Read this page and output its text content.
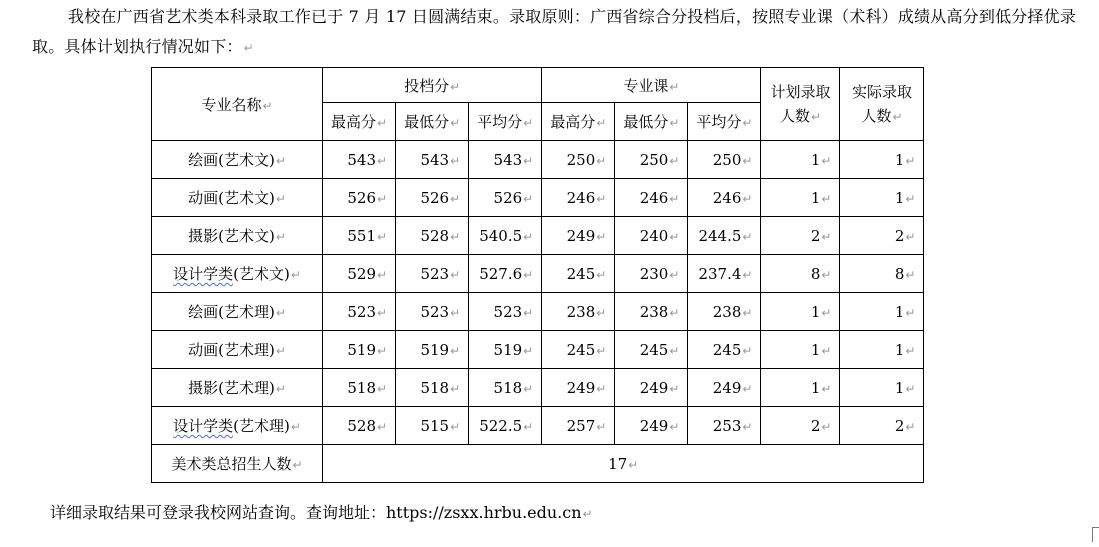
我校在广西省艺术类本科录取工作已于 7 月 17 日圆满结束。录取原则：广西省综合分投档后，按照专业课（术科）成绩从高分到低分择优录取。具体计划执行情况如下：↵

专业名称↵	投档分↵			专业课↵			计划录取人数↵	实际录取人数↵
	最高分↵	最低分↵	平均分↵	最高分↵	最低分↵	平均分↵		
绘画(艺术文)↵	543↵	543↵	543↵	250↵	250↵	250↵	1↵	1↵
动画(艺术文)↵	526↵	526↵	526↵	246↵	246↵	246↵	1↵	1↵
摄影(艺术文)↵	551↵	528↵	540.5↵	249↵	240↵	244.5↵	2↵	2↵
设计学类(艺术文)↵	529↵	523↵	527.6↵	245↵	230↵	237.4↵	8↵	8↵
绘画(艺术理)↵	523↵	523↵	523↵	238↵	238↵	238↵	1↵	1↵
动画(艺术理)↵	519↵	519↵	519↵	245↵	245↵	245↵	1↵	1↵
摄影(艺术理)↵	518↵	518↵	518↵	249↵	249↵	249↵	1↵	1↵
设计学类(艺术理)↵	528↵	515↵	522.5↵	257↵	249↵	253↵	2↵	2↵
美术类总招生人数↵	17↵							

详细录取结果可登录我校网站查询。查询地址：https://zsxx.hrbu.edu.cn↵
